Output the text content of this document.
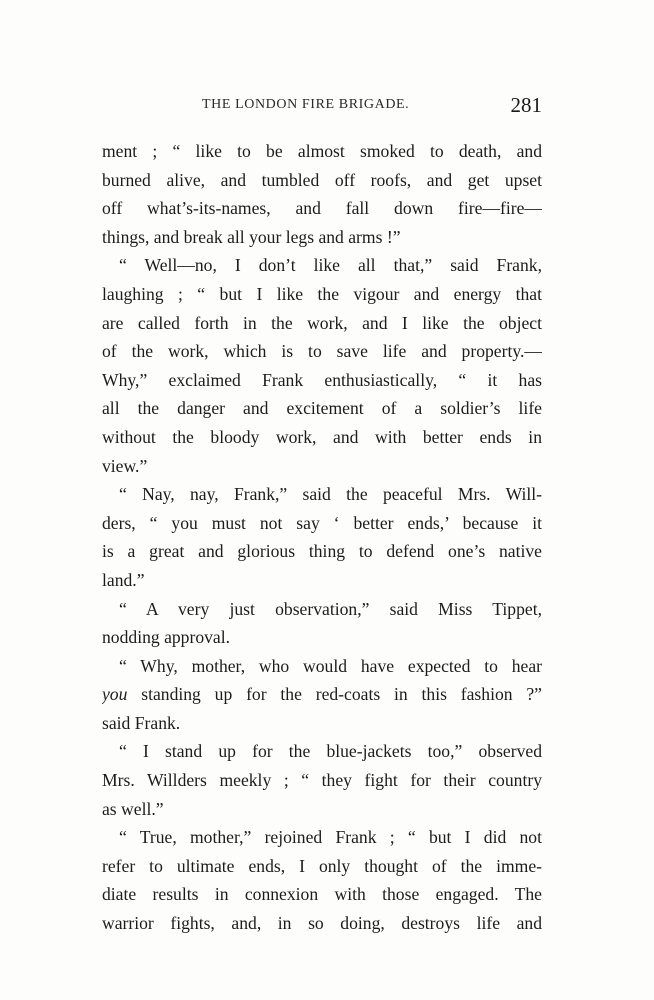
THE LONDON FIRE BRIGADE.	281
ment ; “ like to be almost smoked to death, and
burned alive, and tumbled off roofs, and get upset
off what’s-its-names, and fall down fire—fire—
things, and break all your legs and arms !”
“ Well—no, I don’t like all that,” said Frank,
laughing ; “ but I like the vigour and energy that
are called forth in the work, and I like the object
of the work, which is to save life and property.—
Why,” exclaimed Frank enthusiastically, “ it has
all the danger and excitement of a soldier’s life
without the bloody work, and with better ends in
view.”
“ Nay, nay, Frank,” said the peaceful Mrs. Will-
ders, “ you must not say ‘ better ends,’ because it
is a great and glorious thing to defend one’s native
land.”
“ A very just observation,” said Miss Tippet,
nodding approval.
“ Why, mother, who would have expected to hear
you standing up for the red-coats in this fashion ?”
said Frank.
“ I stand up for the blue-jackets too,” observed
Mrs. Willders meekly ; “ they fight for their country
as well.”
“ True, mother,” rejoined Frank ; “ but I did not
refer to ultimate ends, I only thought of the imme-
diate results in connexion with those engaged. The
warrior fights, and, in so doing, destroys life and
